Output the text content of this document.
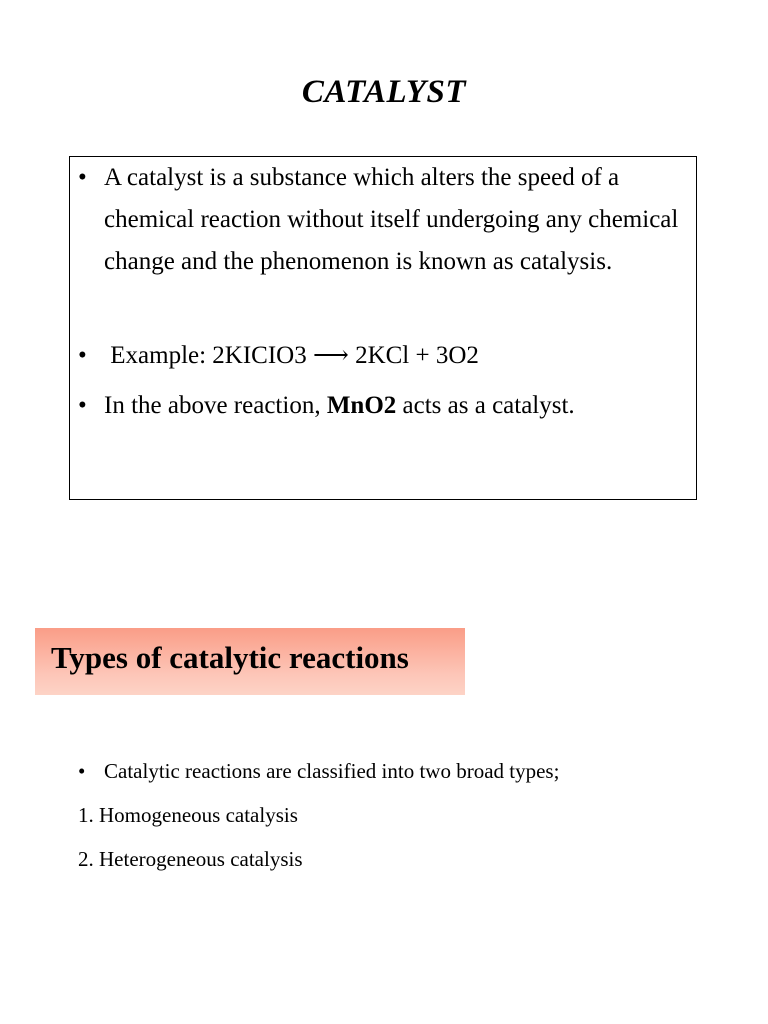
CATALYST
• A catalyst is a substance which alters the speed of a chemical reaction without itself undergoing any chemical change and the phenomenon is known as catalysis.
• Example: 2KICIO3 ⟶ 2KCl + 3O2
• In the above reaction, MnO2 acts as a catalyst.
Types of catalytic reactions
• Catalytic reactions are classified into two broad types;
1. Homogeneous catalysis
2. Heterogeneous catalysis
